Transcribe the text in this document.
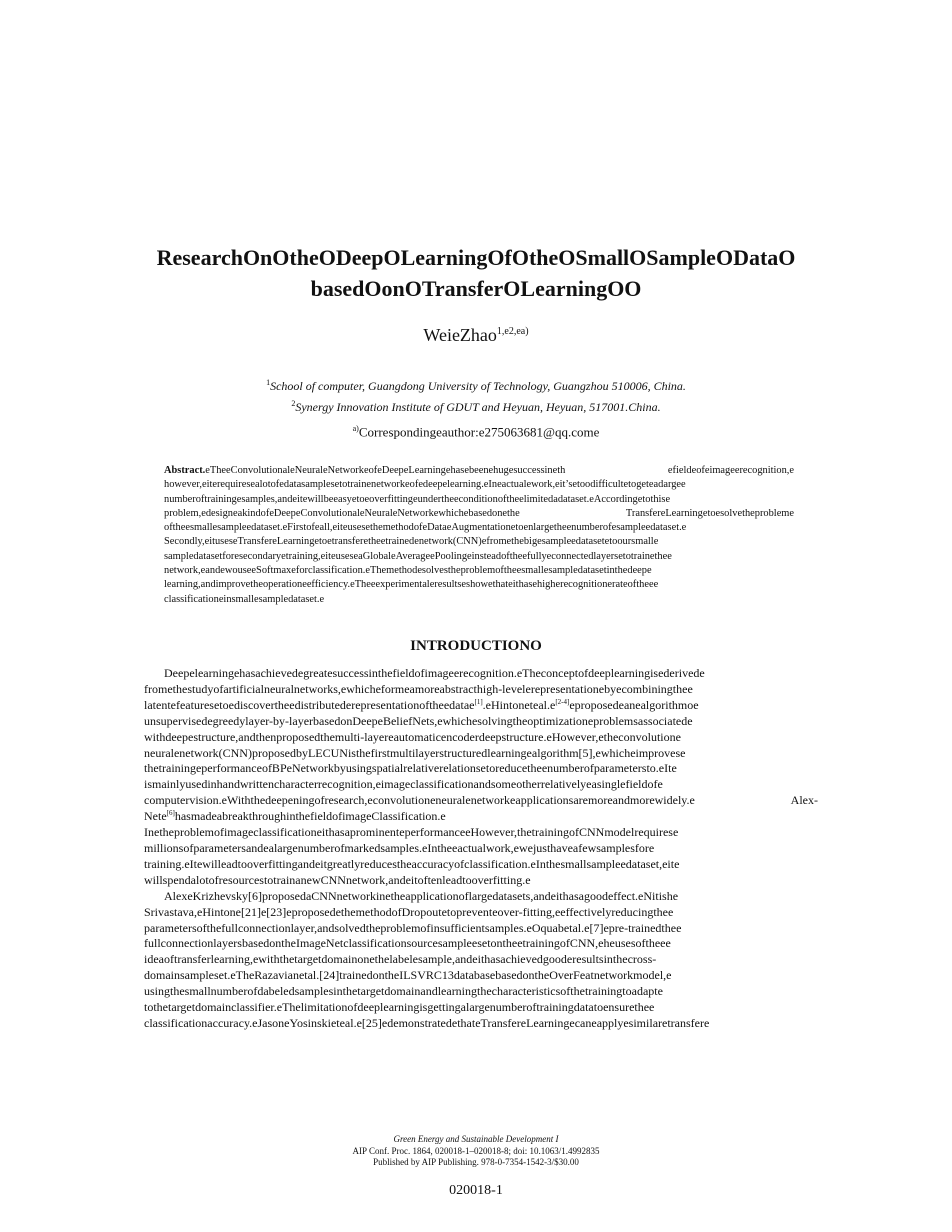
ResearchOnOtheODeepOLearningOfOtheOSmallOSampleODataO
basedOonOTransferOLearningOO
WeieZhao$^{1,e2,ea)}$
$^1$School of computer, Guangdong University of Technology, Guangzhou 510006, China.
$^2$Synergy Innovation Institute of GDUT and Heyuan, Heyuan, 517001.China.
$^{a)}$Correspondingeauthor:e275063681@qq.come
Abstract.eTheeConvolutionaleNeuraleNetworkeofeDeepeLearningehasebeenehugesuccessineth efieldeofeimageerecognition,e however,eiterequiresealotofedatasamplesetotrainenetworkeofedeepelearning.eIneactualework,eit’setoodifficultetogeteadargee numberoftrainingesamples,andeitewillbeeasyetoeoverfittingeundertheeconditionoftheelimitedadataset.eAccordingetothise problem,edesigneakindofeDeepeConvolutionaleNeuraleNetworkewhichebasedonethe TransfereLearningetoesolvetheprobleme oftheesmallesampleedataset.eFirstofeall,eiteusesethemethodofeDataeAugmentationetoenlargetheenumberofesampleedataset.e Secondly,eituseseTransfereLearningetoetransferetheetrainedenetwork(CNN)efromethebigesampleedatasetetooursmalle sampledatasetforesecondaryetraining,eiteuseseaGlobaleAverageePoolingeinsteadoftheefullyeconnectedlayersetotrainethee network,eandewouseeSoftmaxeforclassification.eThemethodesolvestheproblemoftheesmallesampledatasetinthedeepe learning,andimprovetheoperationeefficiency.eTheeexperimentaleresultseshowethateithasehigherecognitionerateoftheee classificationeinsmallesampledataset.e
INTRODUCTIONO

Deepelearningehasachievedegreatesuccessinthefieldofimageerecognition.eTheconceptofdeeplearningisederivede fromethestudyofartificialneuralnetworks,ewhicheformeamoreabstracthigh-levelerepresentationebyecombiningthee latentefeaturesetoediscovertheedistributederepresentationoftheedatae[1].eHintoneteal.e[2-4]eproposedeanealgorithmoe unsupervisedegreedylayer-by-layerbasedonDeepeBeliefNets,ewhichesolvingtheoptimizationeproblemsassociatede withdeepestructure,andthenproposedthemulti-layereautomaticencoderdeepstructure.eHowever,etheconvolutione neuralenetwork(CNN)proposedbyLECUNisthefirstmultilayerstructuredlearningealgorithm[5],ewhicheimprovese thetrainingeperformanceofBPeNetworkbyusingspatialrelativerelationsetoreducetheenumberofparametersto.eIte ismainlyusedinhandwrittencharacterrecognition,eimageclassificationandsomeotherrelativelyeasinglefieldofe computervision.eWiththedeepeningofresearch,econvolutioneneuralenetworkeapplicationsaremoreandmorewidely.e Alex-Nete[6]hasmadeabreakthroughinthefieldofimageClassification.e

InetheproblemofimageclassificationeithasaprominenteperformanceeHowever,thetrainingofCNNmodelrequirese millionsofparametersandealargenumberofmarkedsamples.eIntheeactualwork,ewejusthaveafewsamplesfore training.eItewilleadtooverfittingandeitgreatlyreducestheaccuracyofclassification.eInthesmallsampleedataset,eite willspendalotofresourcestotrainanewCNNnetwork,andeitoftenleadtooverfitting.e

AlexeKrizhevsky[6]proposedaCNNnetworkinetheapplicationoflargedatasets,andeithasagoodeffect.eNitishe Srivastava,eHintone[21]e[23]eproposedethemethodofDropoutetopreventeover-fitting,eeffectivelyreducingthee parametersofthefullconnectionlayer,andsolvedtheproblemofinsufficientsamples.eOquabetal.e[7]epre-trainedthee fullconnectionlayersbasedontheImageNetclassificationsourcesampleesetontheetrainingofCNN,eheusesoftheee ideaoftransferlearning,ewiththetargetdomainonethelabelesample,andeithasachievedgooderesultsinthecross- domainsampleset.eTheRazavianetal.[24]trainedontheILSVRC13databasebasedontheOverFeatnetworkmodel,e usingthesmallnumberofdabeledsamplesinthetargetdomainandlearningthecharacteristicsofthetrainingtoadapte tothetargetdomainclassifier.eThelimitationofdeeplearningisgettingalargenumberoftrainingdatatoensurethee classificationaccuracy.eJasoneYosinskieteal.e[25]edemonstratedethateTransfereLearningecaneapplyesimilaretransfere

Green Energy and Sustainable Development I
AIP Conf. Proc. 1864, 020018-1–020018-8; doi: 10.1063/1.4992835
Published by AIP Publishing. 978-0-7354-1542-3/$30.00
020018-1
